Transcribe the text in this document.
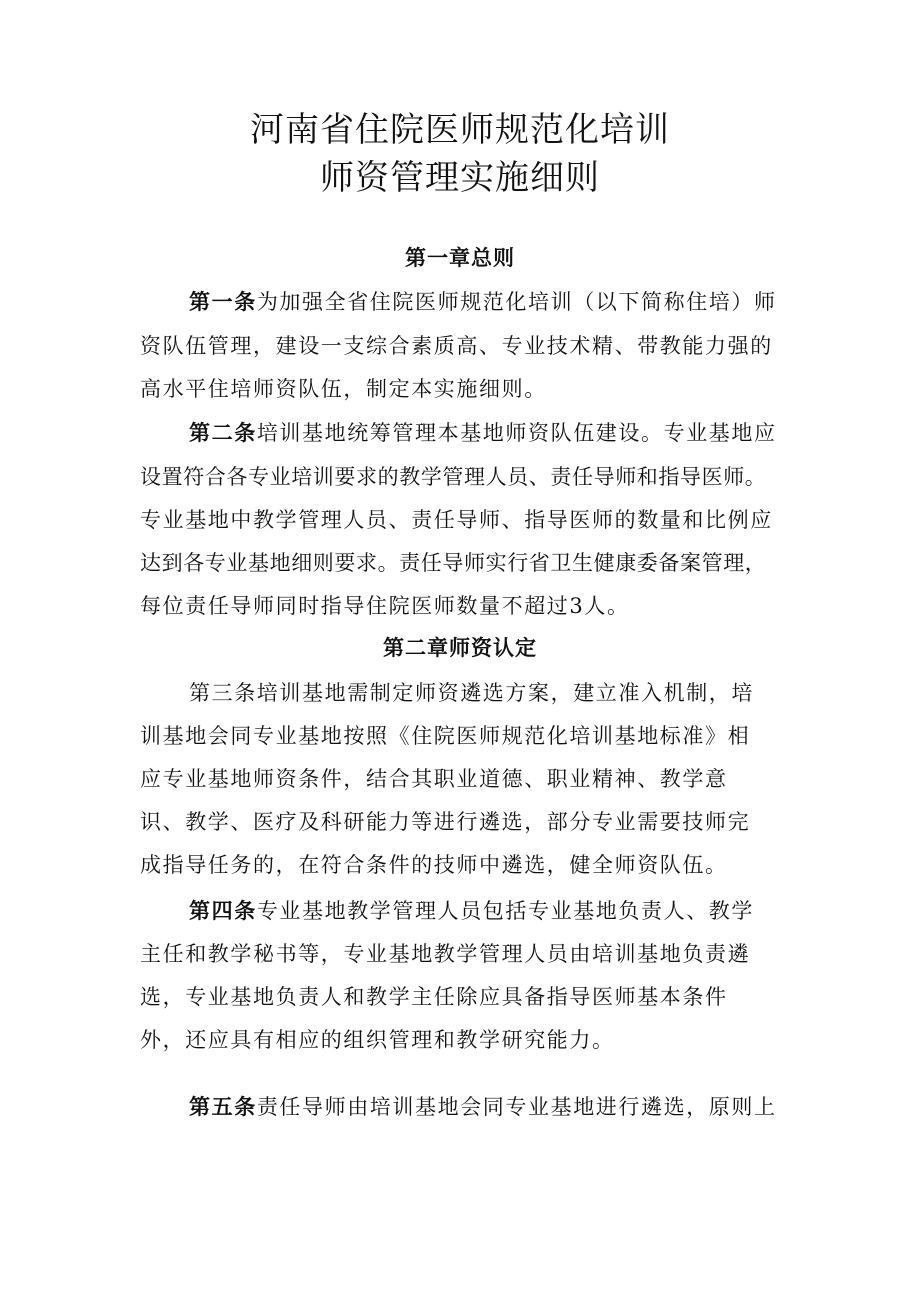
河南省住院医师规范化培训
师资管理实施细则
第一章总则

第一条为加强全省住院医师规范化培训（以下简称住培）师

资队伍管理，建设一支综合素质高、专业技术精、带教能力强的

高水平住培师资队伍，制定本实施细则。

第二条培训基地统筹管理本基地师资队伍建设。专业基地应

设置符合各专业培训要求的教学管理人员、责任导师和指导医师。

专业基地中教学管理人员、责任导师、指导医师的数量和比例应

达到各专业基地细则要求。责任导师实行省卫生健康委备案管理，

每位责任导师同时指导住院医师数量不超过3人。

第二章师资认定

第三条培训基地需制定师资遴选方案，建立准入机制，培

训基地会同专业基地按照《住院医师规范化培训基地标准》相

应专业基地师资条件，结合其职业道德、职业精神、教学意

识、教学、医疗及科研能力等进行遴选，部分专业需要技师完

成指导任务的，在符合条件的技师中遴选，健全师资队伍。

第四条专业基地教学管理人员包括专业基地负责人、教学

主任和教学秘书等，专业基地教学管理人员由培训基地负责遴

选，专业基地负责人和教学主任除应具备指导医师基本条件

外，还应具有相应的组织管理和教学研究能力。

第五条责任导师由培训基地会同专业基地进行遴选，原则上
